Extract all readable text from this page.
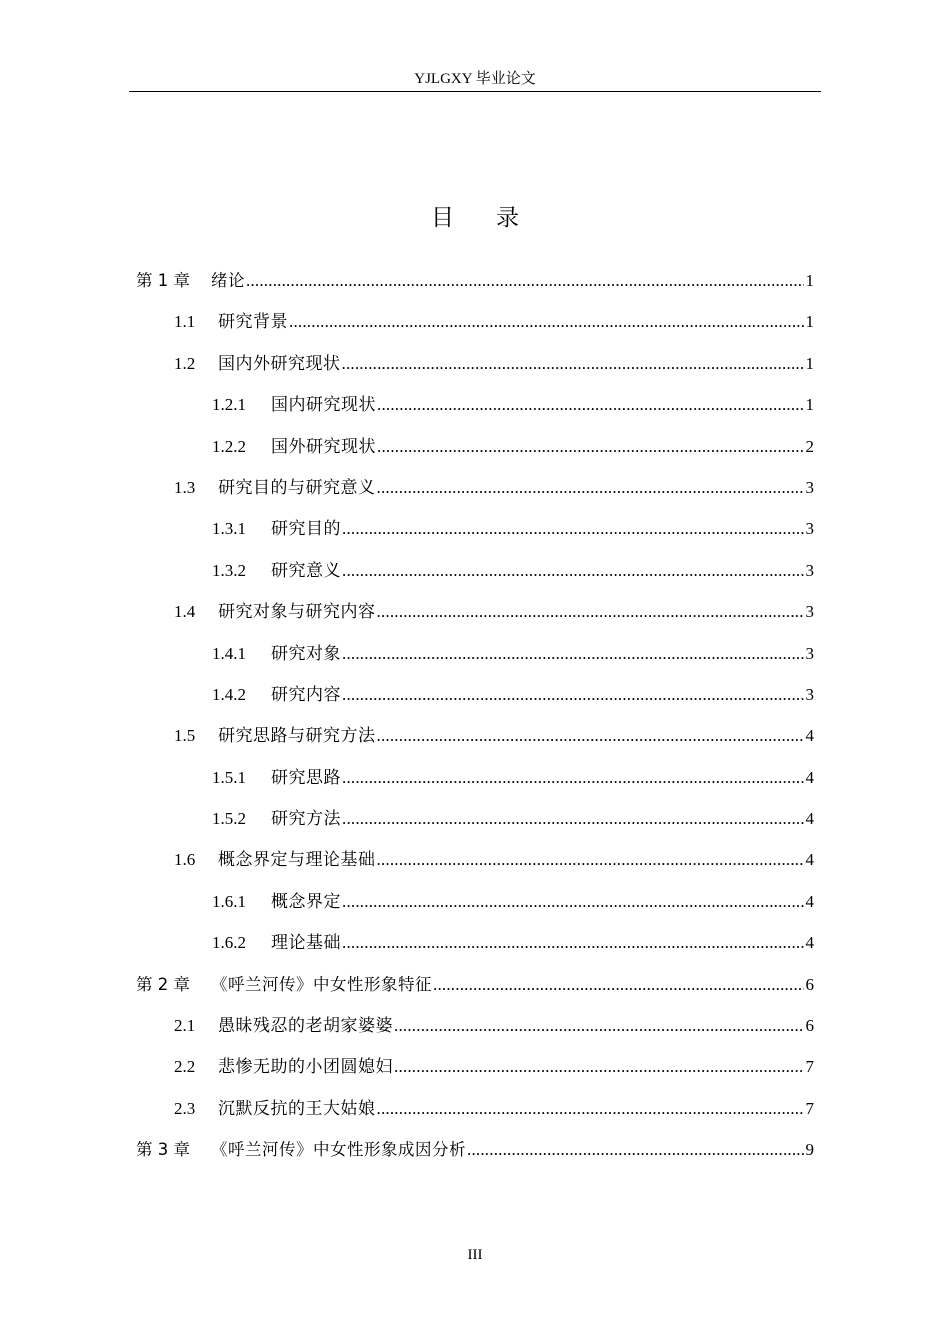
YJLGXY 毕业论文
目 录
第 1 章	绪论 .....	1
1.1	研究背景 .....	1
1.2	国内外研究现状 .....	1
1.2.1	国内研究现状 .....	1
1.2.2	国外研究现状 .....	2
1.3	研究目的与研究意义 .....	3
1.3.1	研究目的 .....	3
1.3.2	研究意义 .....	3
1.4	研究对象与研究内容 .....	3
1.4.1	研究对象 .....	3
1.4.2	研究内容 .....	3
1.5	研究思路与研究方法 .....	4
1.5.1	研究思路 .....	4
1.5.2	研究方法 .....	4
1.6	概念界定与理论基础 .....	4
1.6.1	概念界定 .....	4
1.6.2	理论基础 .....	4
第 2 章	《呼兰河传》中女性形象特征 .....	6
2.1	愚昧残忍的老胡家婆婆 .....	6
2.2	悲惨无助的小团圆媳妇 .....	7
2.3	沉默反抗的王大姑娘 .....	7
第 3 章	《呼兰河传》中女性形象成因分析 .....	9
III
